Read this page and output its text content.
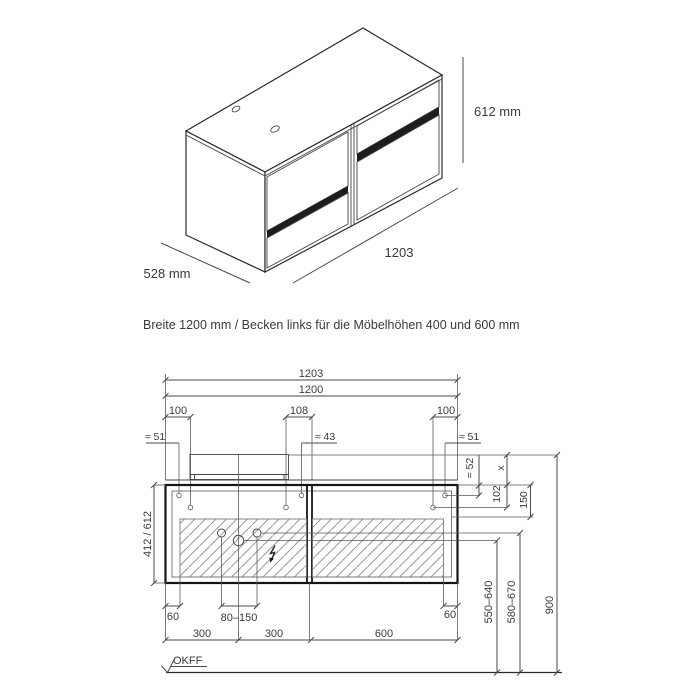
612 mm
1203
528 mm
Breite 1200 mm / Becken links für die Möbelhöhen 400 und 600 mm
1203
1200
100	108	100
≈ 51	≈ 43	≈ 51
≈ 52 x
102 150
550–640 580–670 900
412 / 612
60	80–150	60
300	300	600
OKFF
